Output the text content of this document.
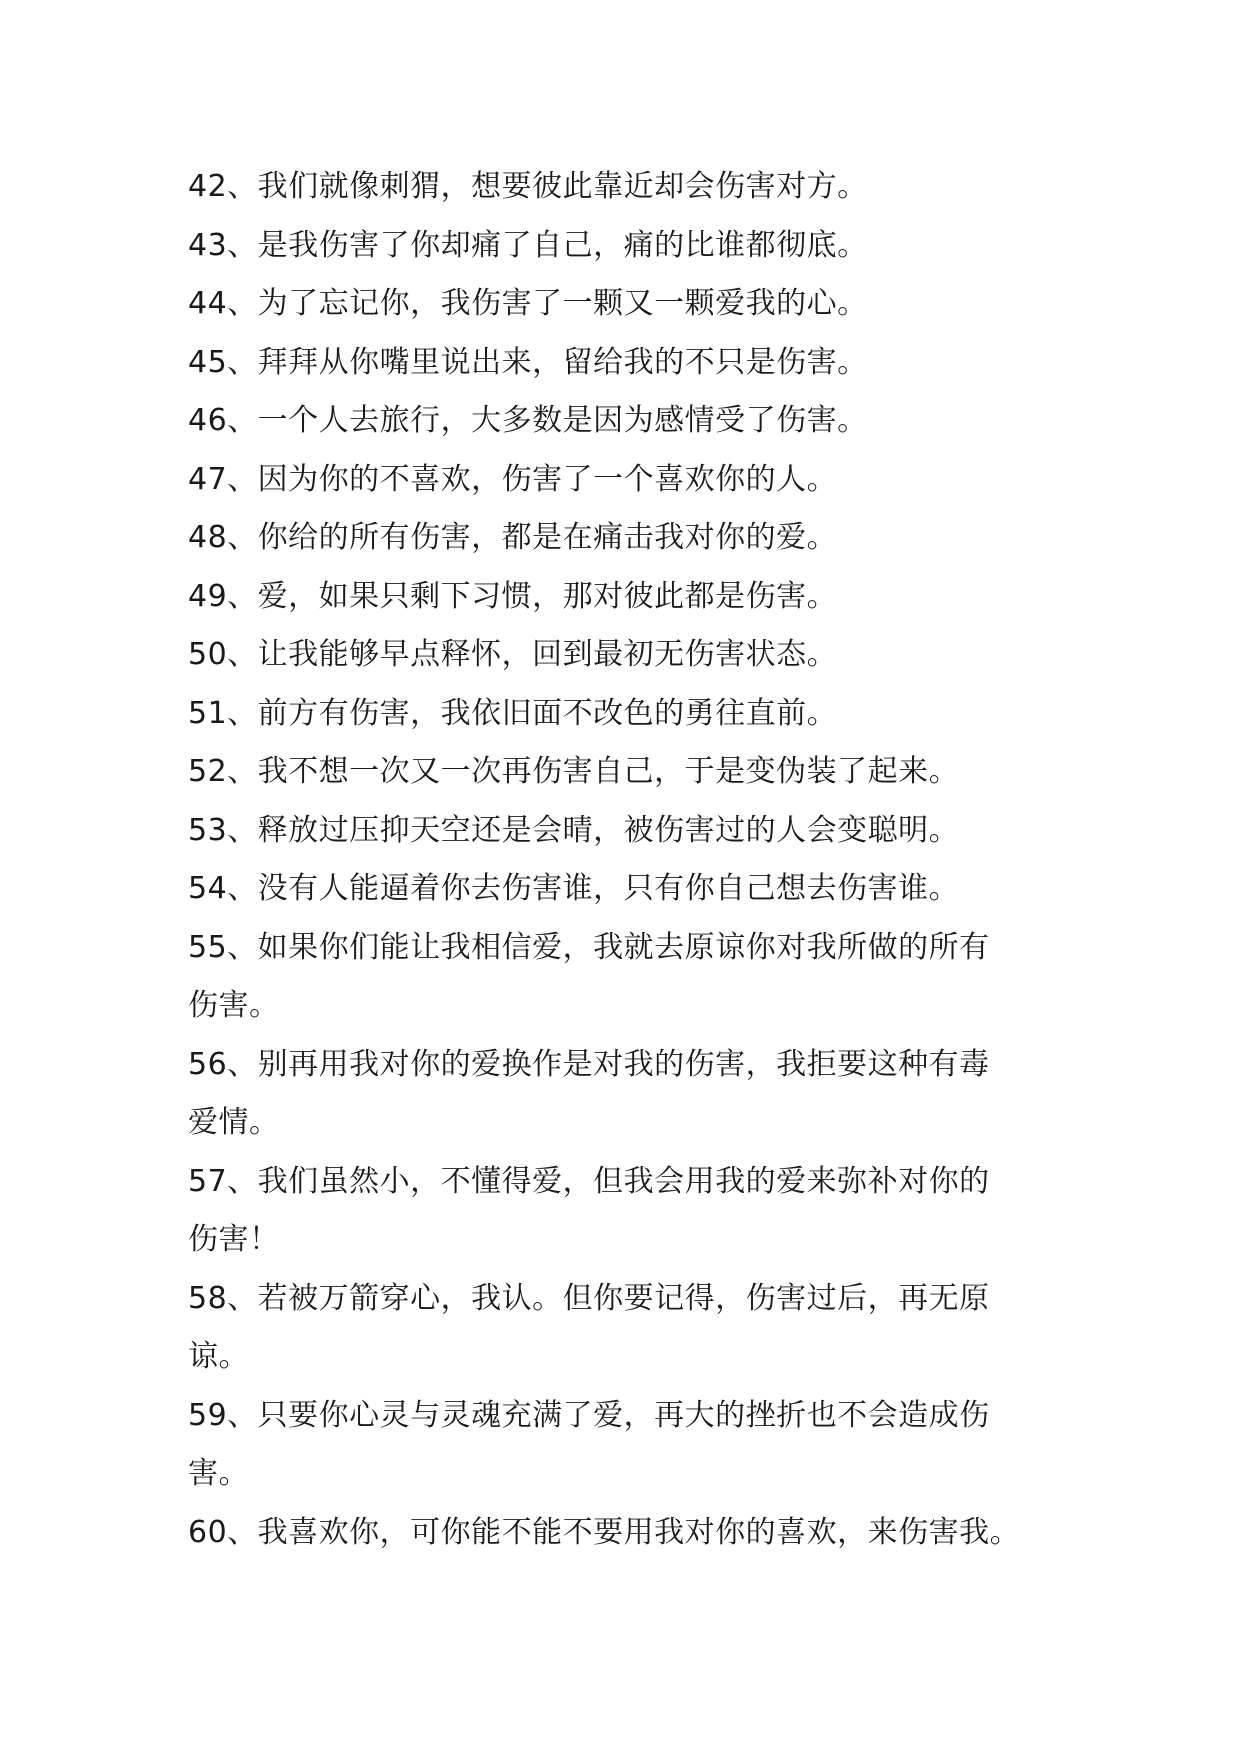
42、我们就像刺猬，想要彼此靠近却会伤害对方。
43、是我伤害了你却痛了自己，痛的比谁都彻底。
44、为了忘记你，我伤害了一颗又一颗爱我的心。
45、拜拜从你嘴里说出来，留给我的不只是伤害。
46、一个人去旅行，大多数是因为感情受了伤害。
47、因为你的不喜欢，伤害了一个喜欢你的人。
48、你给的所有伤害，都是在痛击我对你的爱。
49、爱，如果只剩下习惯，那对彼此都是伤害。
50、让我能够早点释怀，回到最初无伤害状态。
51、前方有伤害，我依旧面不改色的勇往直前。
52、我不想一次又一次再伤害自己，于是变伪装了起来。
53、释放过压抑天空还是会晴，被伤害过的人会变聪明。
54、没有人能逼着你去伤害谁，只有你自己想去伤害谁。
55、如果你们能让我相信爱，我就去原谅你对我所做的所有
伤害。
56、别再用我对你的爱换作是对我的伤害，我拒要这种有毒
爱情。
57、我们虽然小，不懂得爱，但我会用我的爱来弥补对你的
伤害！
58、若被万箭穿心，我认。但你要记得，伤害过后，再无原
谅。
59、只要你心灵与灵魂充满了爱，再大的挫折也不会造成伤
害。
60、我喜欢你，可你能不能不要用我对你的喜欢，来伤害我。
